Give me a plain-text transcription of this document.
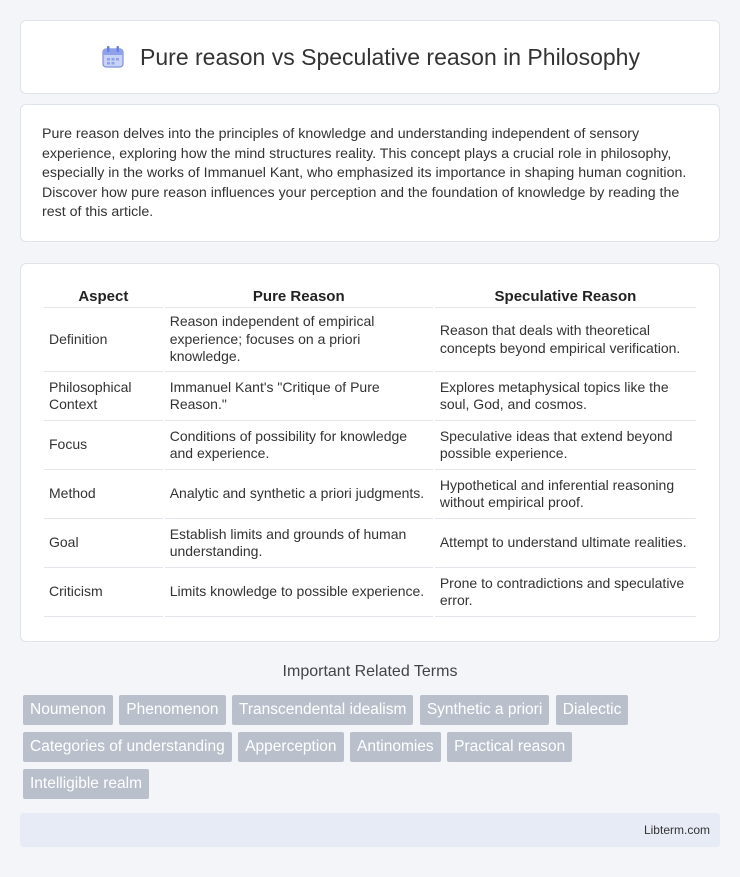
Pure reason vs Speculative reason in Philosophy

Pure reason delves into the principles of knowledge and understanding independent of sensory experience, exploring how the mind structures reality. This concept plays a crucial role in philosophy, especially in the works of Immanuel Kant, who emphasized its importance in shaping human cognition. Discover how pure reason influences your perception and the foundation of knowledge by reading the rest of this article.

Aspect	Pure Reason	Speculative Reason
Definition	Reason independent of empirical experience; focuses on a priori knowledge.	Reason that deals with theoretical concepts beyond empirical verification.
Philosophical Context	Immanuel Kant's "Critique of Pure Reason."	Explores metaphysical topics like the soul, God, and cosmos.
Focus	Conditions of possibility for knowledge and experience.	Speculative ideas that extend beyond possible experience.
Method	Analytic and synthetic a priori judgments.	Hypothetical and inferential reasoning without empirical proof.
Goal	Establish limits and grounds of human understanding.	Attempt to understand ultimate realities.
Criticism	Limits knowledge to possible experience.	Prone to contradictions and speculative error.
Important Related Terms
Noumenon Phenomenon Transcendental idealism Synthetic a priori Dialectic
Categories of understanding Apperception Antinomies Practical reason
Intelligible realm
Libterm.com
